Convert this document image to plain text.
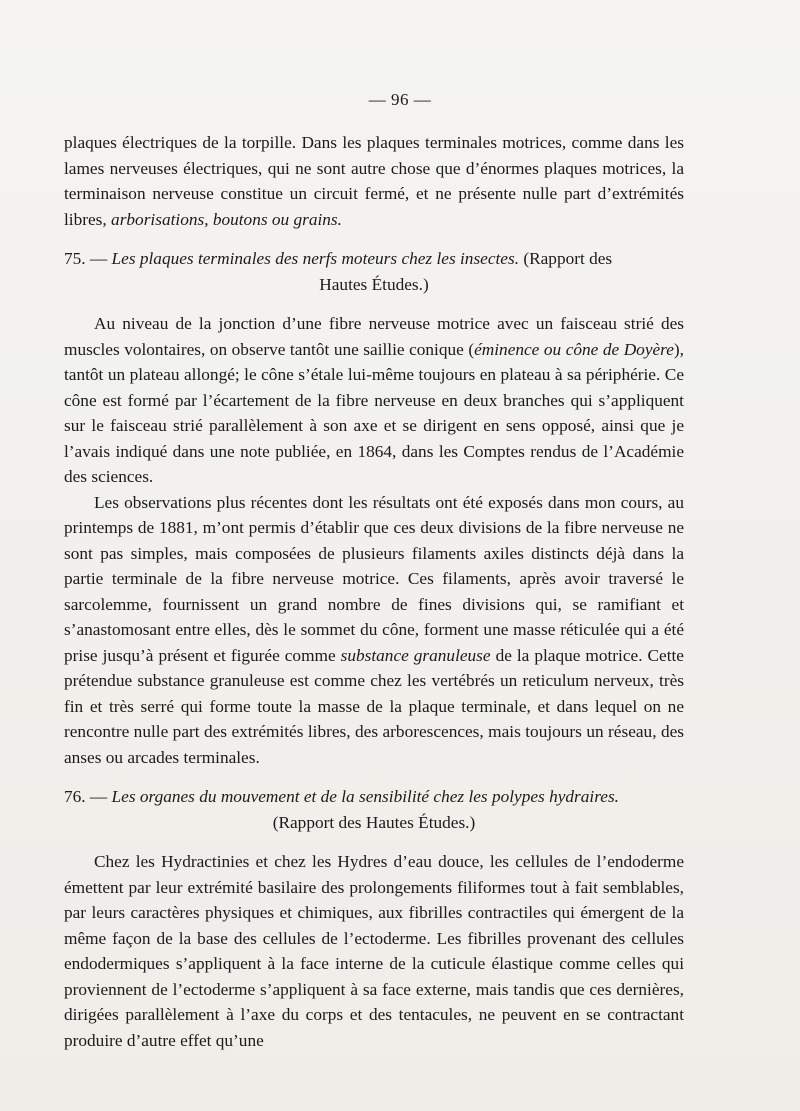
— 96 —

plaques électriques de la torpille. Dans les plaques terminales motrices, comme dans les lames nerveuses électriques, qui ne sont autre chose que d’énormes plaques motrices, la terminaison nerveuse constitue un circuit fermé, et ne présente nulle part d’extrémités libres, arborisations, boutons ou grains.

75. — Les plaques terminales des nerfs moteurs chez les insectes. (Rapport des

Hautes Études.)

Au niveau de la jonction d’une fibre nerveuse motrice avec un faisceau strié des muscles volontaires, on observe tantôt une saillie conique (éminence ou cône de Doyère), tantôt un plateau allongé; le cône s’étale lui-même toujours en plateau à sa périphérie. Ce cône est formé par l’écartement de la fibre nerveuse en deux branches qui s’appliquent sur le faisceau strié parallèlement à son axe et se dirigent en sens opposé, ainsi que je l’avais indiqué dans une note publiée, en 1864, dans les Comptes rendus de l’Académie des sciences.

Les observations plus récentes dont les résultats ont été exposés dans mon cours, au printemps de 1881, m’ont permis d’établir que ces deux divisions de la fibre nerveuse ne sont pas simples, mais composées de plusieurs filaments axiles distincts déjà dans la partie terminale de la fibre nerveuse motrice. Ces filaments, après avoir traversé le sarcolemme, fournissent un grand nombre de fines divisions qui, se ramifiant et s’anastomosant entre elles, dès le sommet du cône, forment une masse réticulée qui a été prise jusqu’à présent et figurée comme substance granuleuse de la plaque motrice. Cette prétendue substance granuleuse est comme chez les vertébrés un reticulum nerveux, très fin et très serré qui forme toute la masse de la plaque terminale, et dans lequel on ne rencontre nulle part des extrémités libres, des arborescences, mais toujours un réseau, des anses ou arcades terminales.

76. — Les organes du mouvement et de la sensibilité chez les polypes hydraires.

(Rapport des Hautes Études.)

Chez les Hydractinies et chez les Hydres d’eau douce, les cellules de l’endoderme émettent par leur extrémité basilaire des prolongements filiformes tout à fait semblables, par leurs caractères physiques et chimiques, aux fibrilles contractiles qui émergent de la même façon de la base des cellules de l’ectoderme. Les fibrilles provenant des cellules endodermiques s’appliquent à la face interne de la cuticule élastique comme celles qui proviennent de l’ectoderme s’appliquent à sa face externe, mais tandis que ces dernières, dirigées parallèlement à l’axe du corps et des tentacules, ne peuvent en se contractant produire d’autre effet qu’une
